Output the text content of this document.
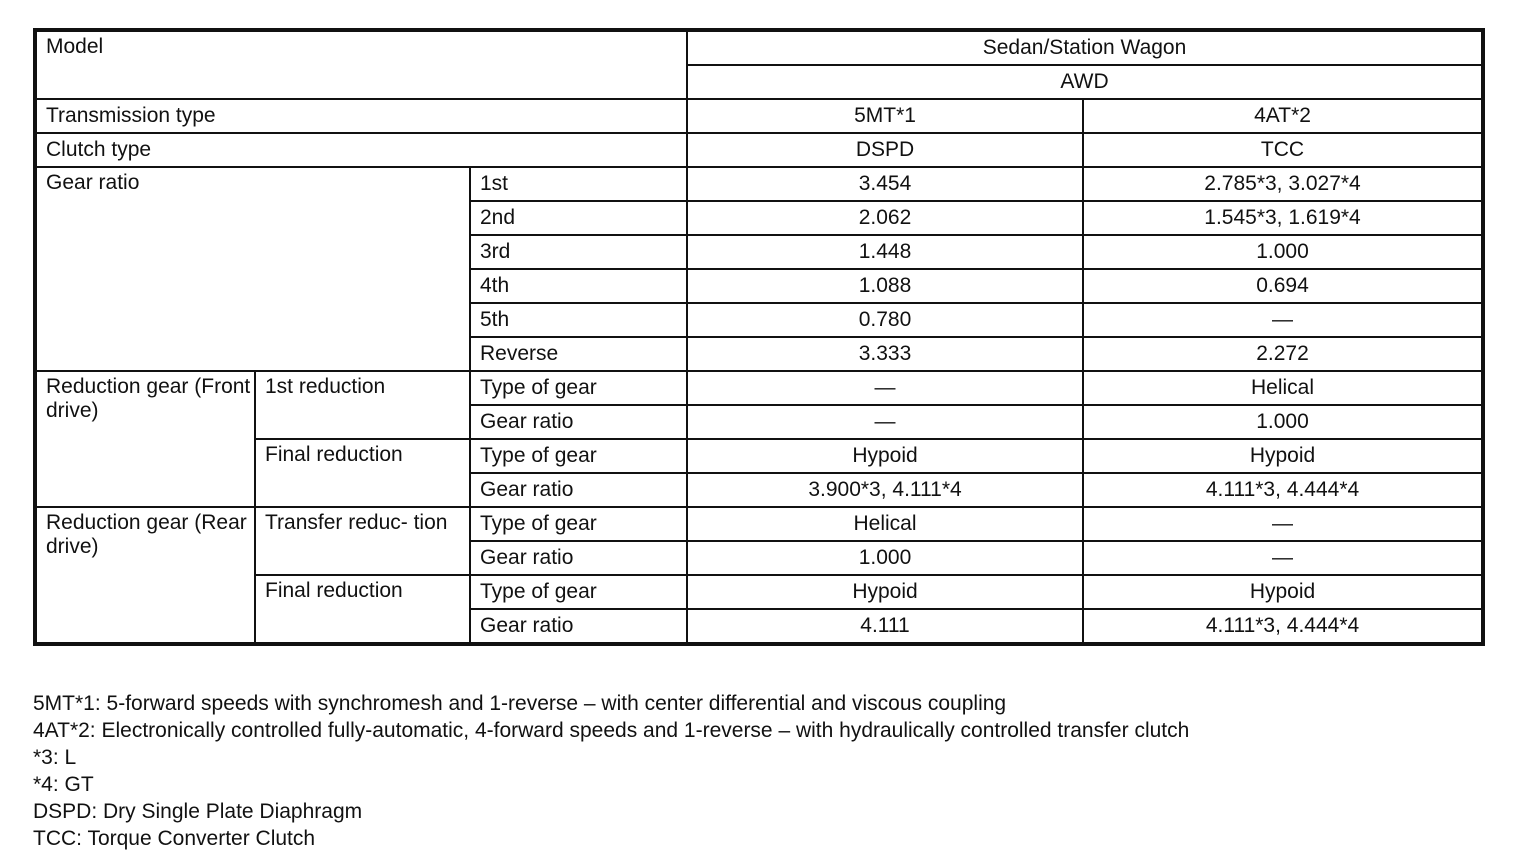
Model			Sedan/Station Wagon	
			AWD	
Transmission type			5MT*1	4AT*2
Clutch type			DSPD	TCC
Gear ratio		1st	3.454	2.785*3, 3.027*4
		2nd	2.062	1.545*3, 1.619*4
		3rd	1.448	1.000
		4th	1.088	0.694
		5th	0.780	—
		Reverse	3.333	2.272
Reduction gear (Front drive)	1st reduction	Type of gear	—	Helical
		Gear ratio	—	1.000
	Final reduction	Type of gear	Hypoid	Hypoid
		Gear ratio	3.900*3, 4.111*4	4.111*3, 4.444*4
Reduction gear (Rear drive)	Transfer reduc- tion	Type of gear	Helical	—
		Gear ratio	1.000	—
	Final reduction	Type of gear	Hypoid	Hypoid
		Gear ratio	4.111	4.111*3, 4.444*4
5MT*1: 5-forward speeds with synchromesh and 1-reverse – with center differential and viscous coupling
4AT*2: Electronically controlled fully-automatic, 4-forward speeds and 1-reverse – with hydraulically controlled transfer clutch
*3: L
*4: GT
DSPD: Dry Single Plate Diaphragm
TCC: Torque Converter Clutch
